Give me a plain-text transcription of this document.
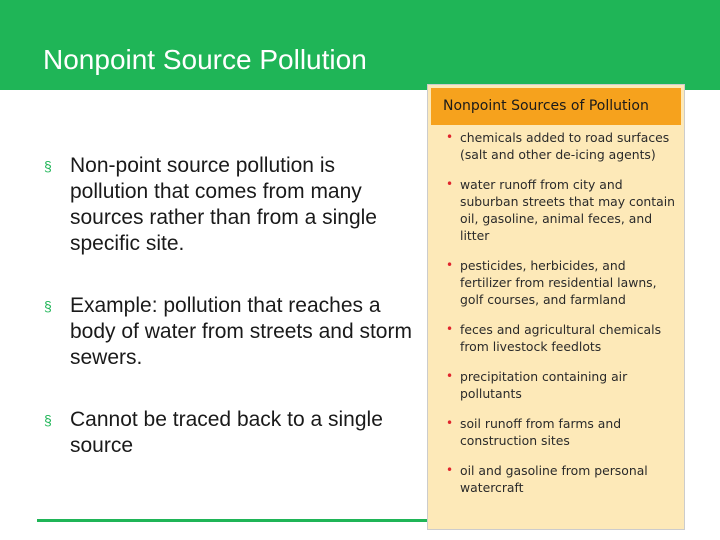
Nonpoint Source Pollution
§ Non-point source pollution is pollution that comes from many sources rather than from a single specific site.
§ Example: pollution that reaches a body of water from streets and storm sewers.
§ Cannot be traced back to a single source
Nonpoint Sources of Pollution
• chemicals added to road surfaces (salt and other de-icing agents)
• water runoff from city and suburban streets that may contain oil, gasoline, animal feces, and litter
• pesticides, herbicides, and fertilizer from residential lawns, golf courses, and farmland
• feces and agricultural chemicals from livestock feedlots
• precipitation containing air pollutants
• soil runoff from farms and construction sites
• oil and gasoline from personal watercraft
